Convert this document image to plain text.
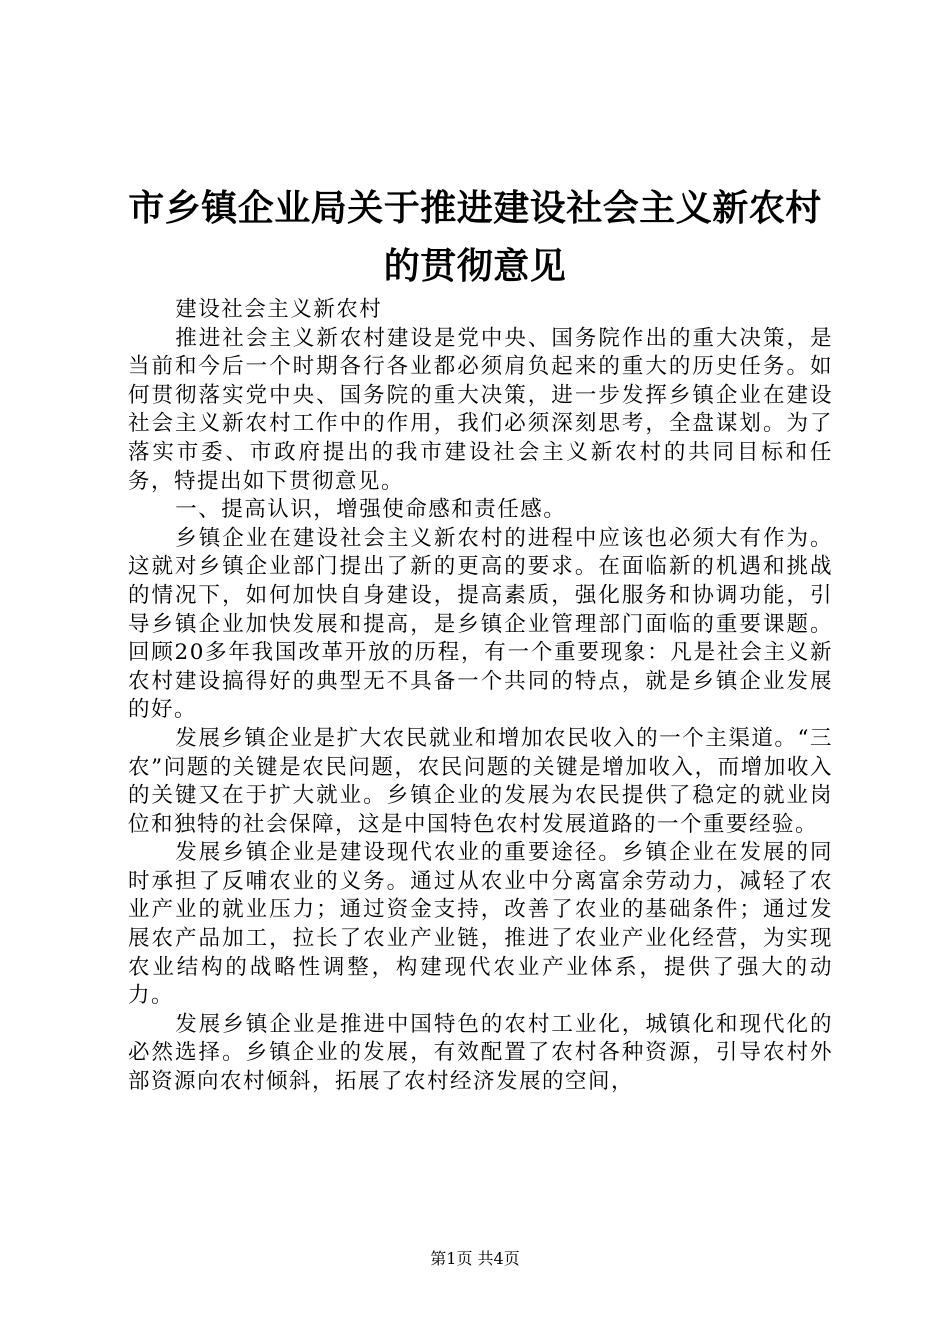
市乡镇企业局关于推进建设社会主义新农村的贯彻意见

建设社会主义新农村

推进社会主义新农村建设是党中央、国务院作出的重大决策，是当前和今后一个时期各行各业都必须肩负起来的重大的历史任务。如何贯彻落实党中央、国务院的重大决策，进一步发挥乡镇企业在建设社会主义新农村工作中的作用，我们必须深刻思考，全盘谋划。为了落实市委、市政府提出的我市建设社会主义新农村的共同目标和任务，特提出如下贯彻意见。

一、提高认识，增强使命感和责任感。

乡镇企业在建设社会主义新农村的进程中应该也必须大有作为。这就对乡镇企业部门提出了新的更高的要求。在面临新的机遇和挑战的情况下，如何加快自身建设，提高素质，强化服务和协调功能，引导乡镇企业加快发展和提高，是乡镇企业管理部门面临的重要课题。回顾20多年我国改革开放的历程，有一个重要现象：凡是社会主义新农村建设搞得好的典型无不具备一个共同的特点，就是乡镇企业发展的好。

发展乡镇企业是扩大农民就业和增加农民收入的一个主渠道。“三农”问题的关键是农民问题，农民问题的关键是增加收入，而增加收入的关键又在于扩大就业。乡镇企业的发展为农民提供了稳定的就业岗位和独特的社会保障，这是中国特色农村发展道路的一个重要经验。

发展乡镇企业是建设现代农业的重要途径。乡镇企业在发展的同时承担了反哺农业的义务。通过从农业中分离富余劳动力，减轻了农业产业的就业压力；通过资金支持，改善了农业的基础条件；通过发展农产品加工，拉长了农业产业链，推进了农业产业化经营，为实现农业结构的战略性调整，构建现代农业产业体系，提供了强大的动力。

发展乡镇企业是推进中国特色的农村工业化，城镇化和现代化的必然选择。乡镇企业的发展，有效配置了农村各种资源，引导农村外部资源向农村倾斜，拓展了农村经济发展的空间，

第1页 共4页
